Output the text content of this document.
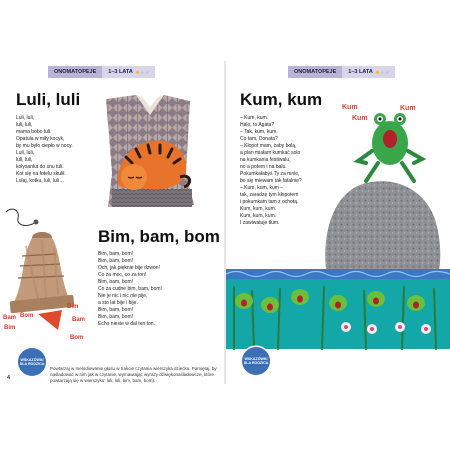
ONOMATOPEJE	1–3 LATA
Luli, luli
Luli, luli,
luli, luli,
mama bobo tuli.
Opatula w miły kocyk,
by mu było ciepło w nocy.
Luli, luli,
luli, luli,
kołysanka do snu tuli.
Kot się na fotelu skulił.
Lulaj, kotku, luli, luli…
Bim, bam, bom
Bim, bam, bom!
Bim, bam, bom!
Och, jak pięknie bije dzwon!
Co za moc, co za ton!
Bim, bam, bom!
Co za cudne bim, bam, bom!
Nie je nic i nic nie pije,
a sto lat bije i bije.
Bim, bam, bom!
Bim, bam, bom!
Echo niesie w dal ten ton.
Bim
Bam
Bim
Bam
Bom
Bom
WSKAZÓWKI DLA RODZICA
Powtarzaj w melodiowanie głosu w trakcie czytania wierszyka dziecku. Pamiętaj, by naśladować w nim jak w czytanie, wymawiając wyrazy dźwiękonaśladowcze, które powtarzają się w wierszyku: luli, luli, bim, bam, bom).
4
ONOMATOPEJE	1–3 LATA
Kum, kum
– Kum, kum.
Halo, to Agata?
– Tak, kum, kum.
Co tam, Donata?
– Kłopot mam, żaby bolą,
a plan miałam kumkać solo
na kumkania festiwalu,
no a potem i na balu.
Pokumkałabyś Ty za mnie,
bo się miewam tak fatalnie?
– Kum, kum, kum –
tak, zaradzę tym kłopotem
i pokumkam tam z ochotą.
Kum, kum, kum.
Kum, kum, kum.
I zawiwatuje tłum.
Kum
Kum
Kum
WSKAZÓWKI DLA RODZICA
Kiedy będzie dziecko w wieku 2–3 lat poproszenie go wymyślić wszystkie wyrażenia jak ich typowe słowa dźwiękonaśladowcze, przeczytaj pierwsze czytanie wierszyka po ich brzmieniu, skoro wymyślone… Pobierze i zabawę naszą bez rozmów z tym, jak wymawiają różne onomatopeje.
5
